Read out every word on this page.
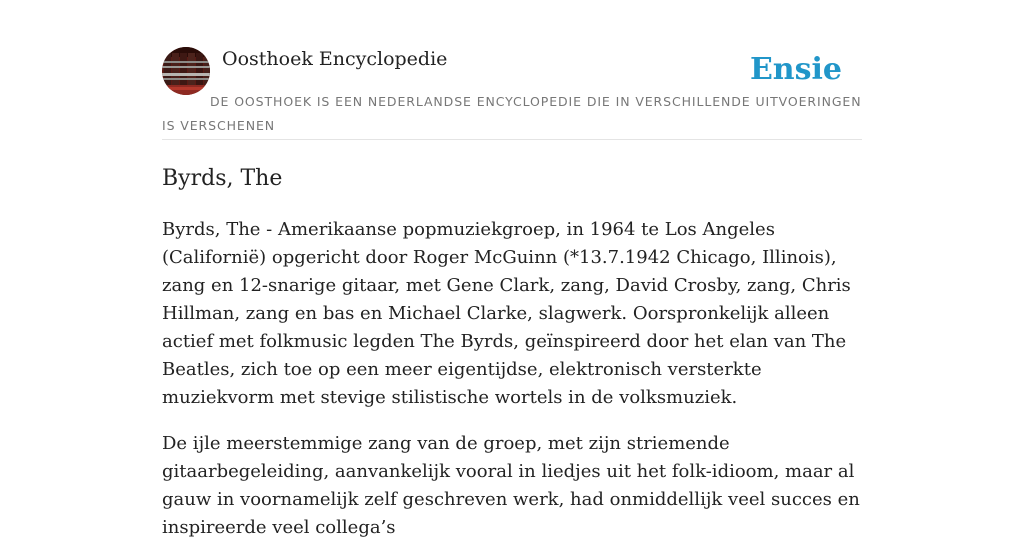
Oosthoek Encyclopedie	Ensie
DE OOSTHOEK IS EEN NEDERLANDSE ENCYCLOPEDIE DIE IN VERSCHILLENDE UITVOERINGEN IS VERSCHENEN
Byrds, The

Byrds, The - Amerikaanse popmuziekgroep, in 1964 te Los Angeles (Californië) opgericht door Roger McGuinn (*13.7.1942 Chicago, Illinois), zang en 12-snarige gitaar, met Gene Clark, zang, David Crosby, zang, Chris Hillman, zang en bas en Michael Clarke, slagwerk. Oorspronkelijk alleen actief met folkmusic legden The Byrds, geïnspireerd door het elan van The Beatles, zich toe op een meer eigentijdse, elektronisch versterkte muziekvorm met stevige stilistische wortels in de volksmuziek.

De ijle meerstemmige zang van de groep, met zijn striemende gitaarbegeleiding, aanvankelijk vooral in liedjes uit het folk-idioom, maar al gauw in voornamelijk zelf geschreven werk, had onmiddellijk veel succes en inspireerde veel collega’s
